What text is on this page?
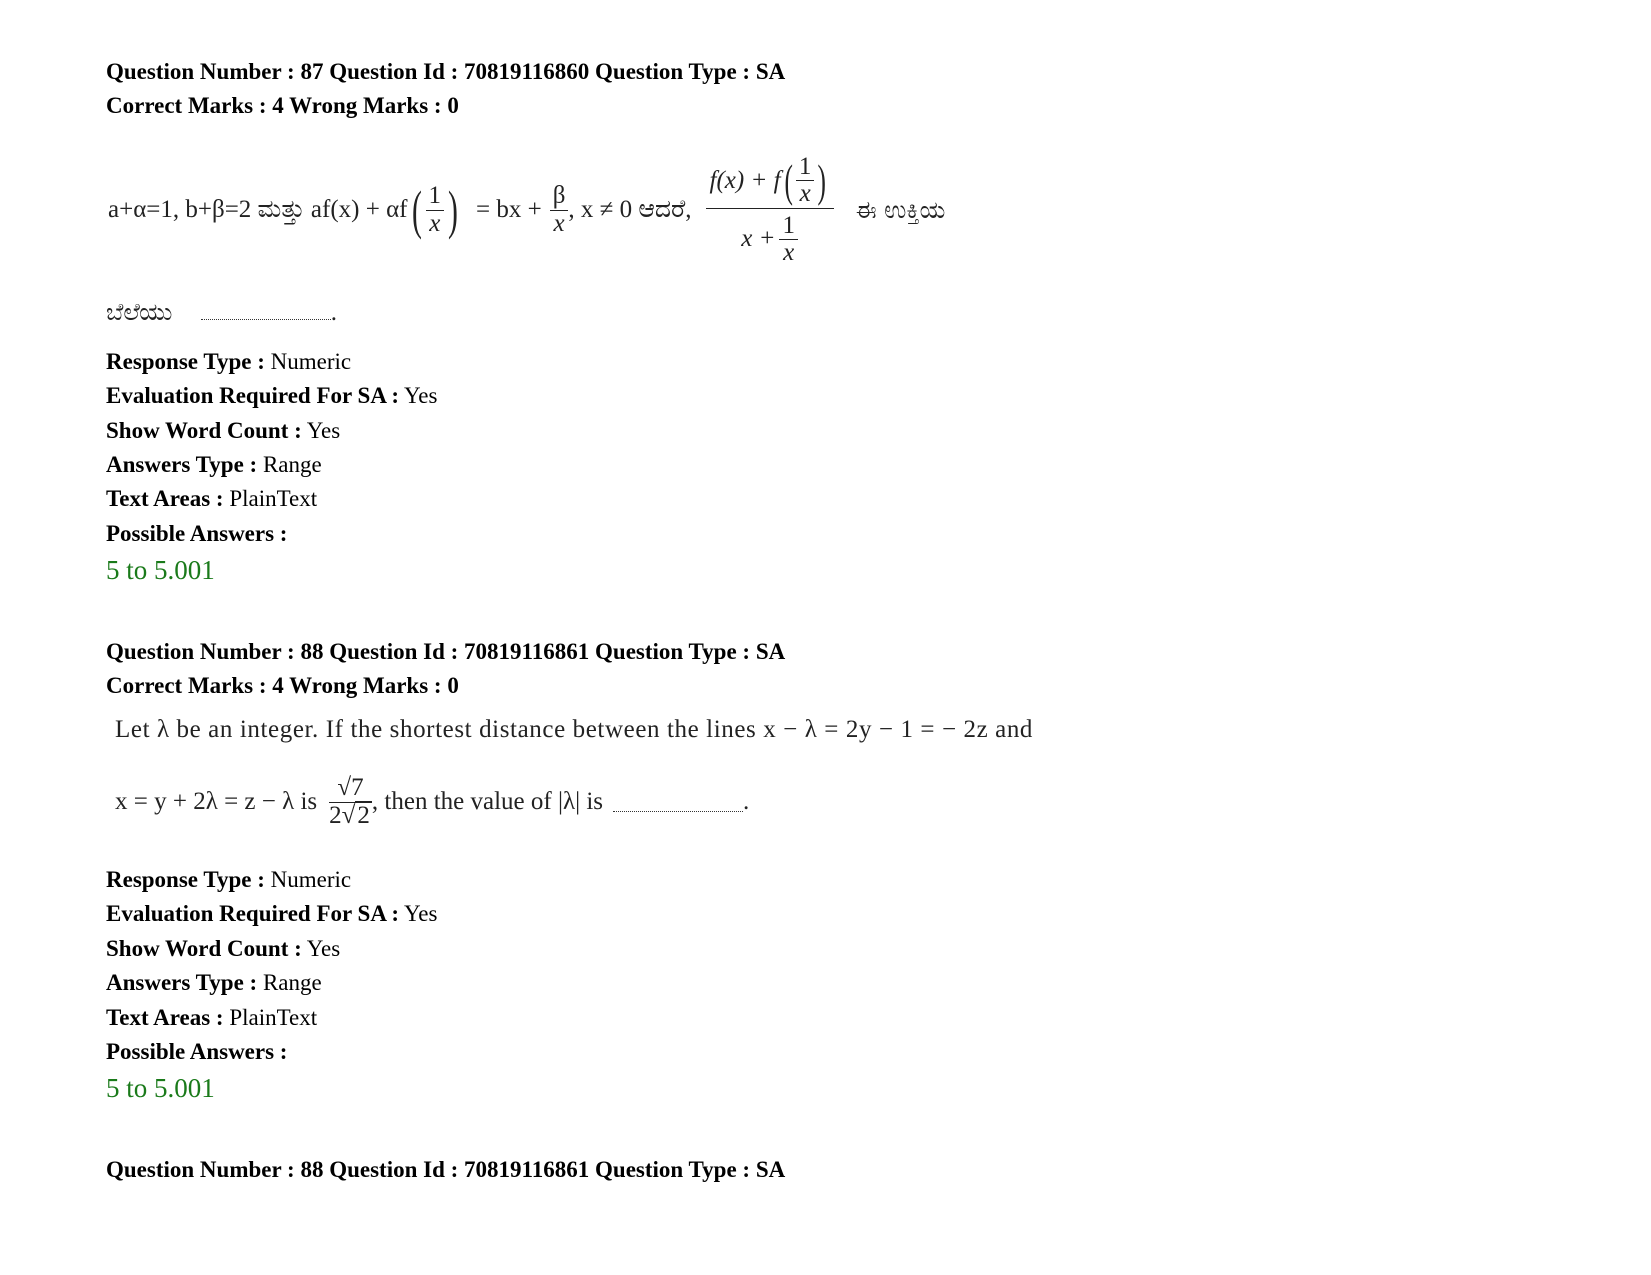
Question Number : 87 Question Id : 70819116860 Question Type : SA
Correct Marks : 4 Wrong Marks : 0
a+α=1, b+β=2 ಮತ್ತು af(x) + αf ( $\frac{1}{x}$ ) = bx + $\frac{\beta}{x}$ , x ≠ 0 ಆದರೆ, $\frac{f(x) + f ( \frac{1}{x} )}{x + \frac{1}{x}}$ ಈ ಉಕ್ತಿಯ
ಬೆಲೆಯು	.
Response Type : Numeric
Evaluation Required For SA : Yes
Show Word Count : Yes
Answers Type : Range
Text Areas : PlainText
Possible Answers :
5 to 5.001
Question Number : 88 Question Id : 70819116861 Question Type : SA
Correct Marks : 4 Wrong Marks : 0
Let λ be an integer. If the shortest distance between the lines x − λ = 2y − 1 = − 2z and
x = y + 2λ = z − λ is $\frac{√7}{2√2}$ , then the value of |λ| is	.
Response Type : Numeric
Evaluation Required For SA : Yes
Show Word Count : Yes
Answers Type : Range
Text Areas : PlainText
Possible Answers :
5 to 5.001
Question Number : 88 Question Id : 70819116861 Question Type : SA
